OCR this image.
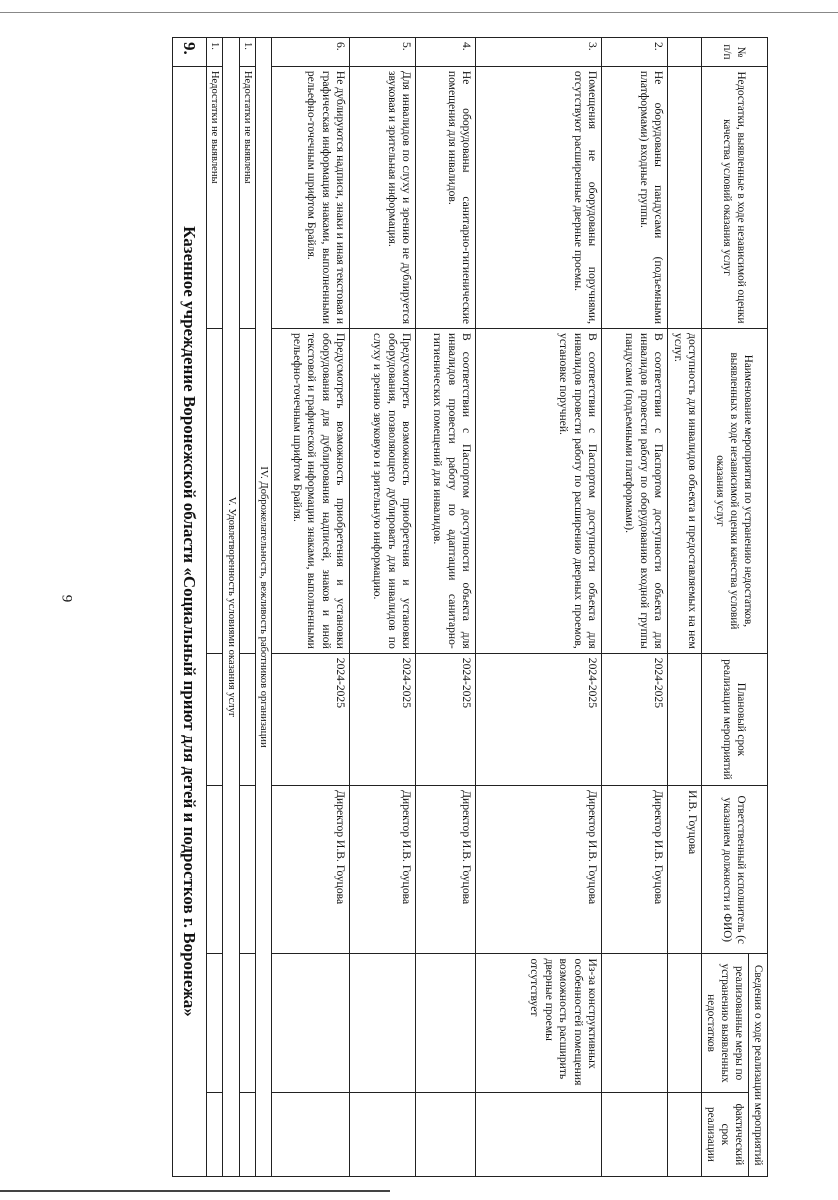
9
№ п/п	Недостатки, выявленные в ходе независимой оценки качества условий оказания услуг	Наименование мероприятия по устранению недостатков, выявленных в ходе независимой оценки качества условий оказания услуг	Плановый срок реализации мероприятий	Ответственный исполнитель (с указанием должности и ФИО)	Сведения о ходе реализации мероприятий	
					реализованные меры по устранению выявленных недостатков	фактический срок реализации
		доступность для инвалидов объекта и предоставляемых на нем услуг.		И.В. Гоуцова		
2.	Не оборудованы пандусами (подъемными платформами) входные группы.	В соответствии с Паспортом доступности объекта для инвалидов провести работу по оборудованию входной группы пандусами (подъемными платформами).	2024-2025	Директор И.В. Гоуцова		
3.	Помещения не оборудованы поручнями, отсутствуют расширенные дверные проемы.	В соответствии с Паспортом доступности объекта для инвалидов провести работу по расширению дверных проемов, установке поручней.	2024-2025	Директор И.В. Гоуцова	Из-за конструктивных особенностей помещения возможность расширить дверные проемы отсутствует	
4.	Не оборудованы санитарно-гигиенические помещения для инвалидов.	В соответствии с Паспортом доступности объекта для инвалидов провести работу по адаптации санитарно-гигиенических помещений для инвалидов.	2024-2025	Директор И.В. Гоуцова		
5.	Для инвалидов по слуху и зрению не дублируется звуковая и зрительная информация.	Предусмотреть возможность приобретения и установки оборудования, позволяющего дублировать для инвалидов по слуху и зрению звуковую и зрительную информацию.	2024-2025	Директор И.В. Гоуцова		
6.	Не дублируются надписи, знаки и иная текстовая и графическая информация знаками, выполненными рельефно-точечным шрифтом Брайля.	Предусмотреть возможность приобретения и установки оборудования для дублирования надписей, знаков и иной текстовой и графической информации знаками, выполненными рельефно-точечным шрифтом Брайля.	2024-2025	Директор И.В. Гоуцова		
IV. Доброжелательность, вежливость работников организации						
1.	Недостатки не выявлены					
V. Удовлетворенность условиями оказания услуг						
1.	Недостатки не выявлены					
9.	Казенное учреждение Воронежской области «Социальный приют для детей и подростков г. Воронежа»					
